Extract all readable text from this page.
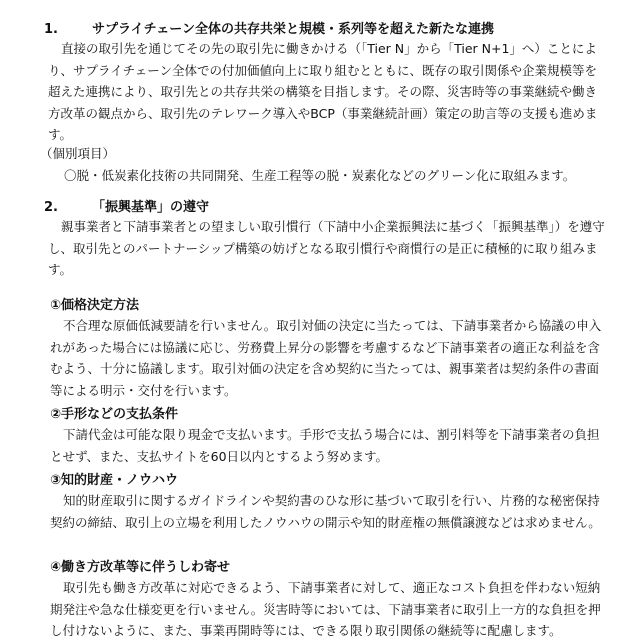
1.	サプライチェーン全体の共存共栄と規模・系列等を超えた新たな連携
直接の取引先を通じてその先の取引先に働きかける（「Tier N」から「Tier N+1」へ）ことにより、サプライチェーン全体での付加価値向上に取り組むとともに、既存の取引関係や企業規模等を超えた連携により、取引先との共存共栄の構築を目指します。その際、災害時等の事業継続や働き方改革の観点から、取引先のテレワーク導入やBCP（事業継続計画）策定の助言等の支援も進めます。
（個別項目）
〇脱・低炭素化技術の共同開発、生産工程等の脱・炭素化などのグリーン化に取組みます。
2.	「振興基準」の遵守
親事業者と下請事業者との望ましい取引慣行（下請中小企業振興法に基づく「振興基準」）を遵守し、取引先とのパートナーシップ構築の妨げとなる取引慣行や商慣行の是正に積極的に取り組みます。
①価格決定方法
不合理な原価低減要請を行いません。取引対価の決定に当たっては、下請事業者から協議の申入れがあった場合には協議に応じ、労務費上昇分の影響を考慮するなど下請事業者の適正な利益を含むよう、十分に協議します。取引対価の決定を含め契約に当たっては、親事業者は契約条件の書面等による明示・交付を行います。
②手形などの支払条件
下請代金は可能な限り現金で支払います。手形で支払う場合には、割引料等を下請事業者の負担とせず、また、支払サイトを60日以内とするよう努めます。
③知的財産・ノウハウ
知的財産取引に関するガイドラインや契約書のひな形に基づいて取引を行い、片務的な秘密保持契約の締結、取引上の立場を利用したノウハウの開示や知的財産権の無償譲渡などは求めません。
④働き方改革等に伴うしわ寄せ
取引先も働き方改革に対応できるよう、下請事業者に対して、適正なコスト負担を伴わない短納期発注や急な仕様変更を行いません。災害時等においては、下請事業者に取引上一方的な負担を押し付けないように、また、事業再開時等には、できる限り取引関係の継続等に配慮します。
